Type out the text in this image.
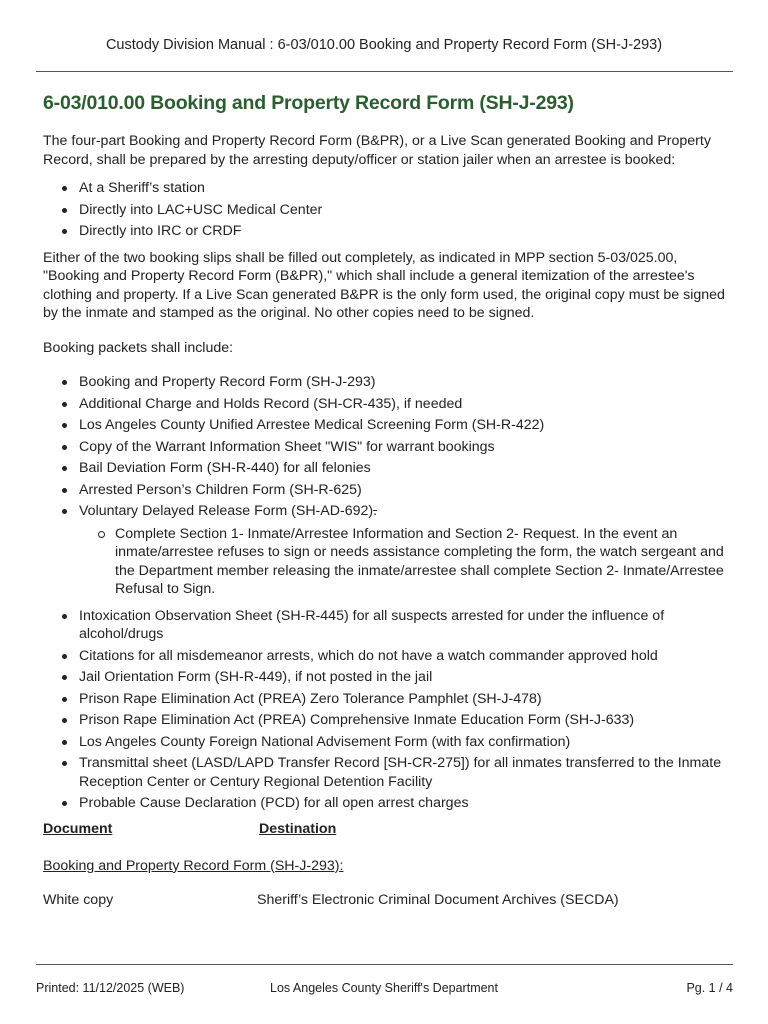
Custody Division Manual : 6-03/010.00 Booking and Property Record Form (SH-J-293)
6-03/010.00 Booking and Property Record Form (SH-J-293)

The four-part Booking and Property Record Form (B&PR), or a Live Scan generated Booking and Property Record, shall be prepared by the arresting deputy/officer or station jailer when an arrestee is booked:

At a Sheriff’s station
Directly into LAC+USC Medical Center
Directly into IRC or CRDF

Either of the two booking slips shall be filled out completely, as indicated in MPP section 5-03/025.00, "Booking and Property Record Form (B&PR)," which shall include a general itemization of the arrestee's clothing and property. If a Live Scan generated B&PR is the only form used, the original copy must be signed by the inmate and stamped as the original. No other copies need to be signed.

Booking packets shall include:

Booking and Property Record Form (SH-J-293)
Additional Charge and Holds Record (SH-CR-435), if needed
Los Angeles County Unified Arrestee Medical Screening Form (SH-R-422)
Copy of the Warrant Information Sheet "WIS" for warrant bookings
Bail Deviation Form (SH-R-440) for all felonies
Arrested Person’s Children Form (SH-R-625)
Voluntary Delayed Release Form (SH-AD-692).
Complete Section 1- Inmate/Arrestee Information and Section 2- Request. In the event an inmate/arrestee refuses to sign or needs assistance completing the form, the watch sergeant and the Department member releasing the inmate/arrestee shall complete Section 2- Inmate/Arrestee Refusal to Sign.
Intoxication Observation Sheet (SH-R-445) for all suspects arrested for under the influence of alcohol/drugs
Citations for all misdemeanor arrests, which do not have a watch commander approved hold
Jail Orientation Form (SH-R-449), if not posted in the jail
Prison Rape Elimination Act (PREA) Zero Tolerance Pamphlet (SH-J-478)
Prison Rape Elimination Act (PREA) Comprehensive Inmate Education Form (SH-J-633)
Los Angeles County Foreign National Advisement Form (with fax confirmation)
Transmittal sheet (LASD/LAPD Transfer Record [SH-CR-275]) for all inmates transferred to the Inmate Reception Center or Century Regional Detention Facility
Probable Cause Declaration (PCD) for all open arrest charges
Document	Destination
Booking and Property Record Form (SH-J-293):
White copy	Sheriff’s Electronic Criminal Document Archives (SECDA)
Los Angeles County Sheriff's Department
Printed: 11/12/2025 (WEB)	Pg. 1 / 4
